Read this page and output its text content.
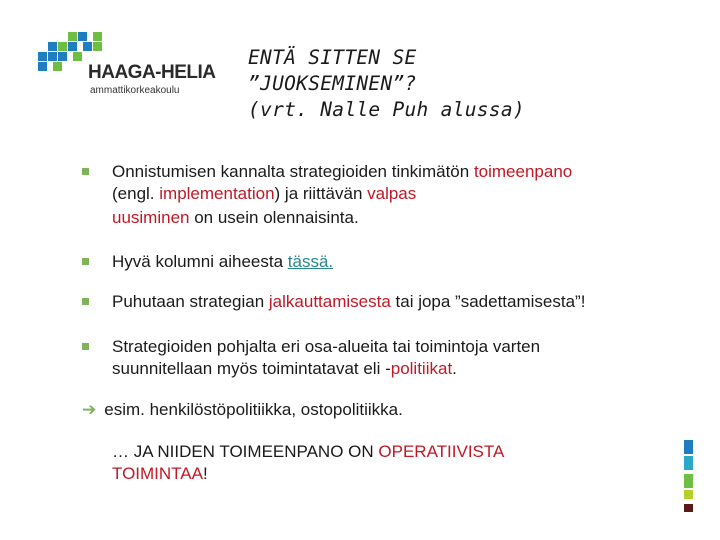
HAAGA-HELIA
ammattikorkeakoulu
ENTÄ SITTEN SE
”JUOKSEMINEN”?
(vrt. Nalle Puh alussa)
Onnistumisen kannalta strategioiden tinkimätön toimeenpano
(engl. implementation) ja riittävän valpas
uusiminen on usein olennaisinta.
Hyvä kolumni aiheesta tässä.
Puhutaan strategian jalkauttamisesta tai jopa ”sadettamisesta”!
Strategioiden pohjalta eri osa-alueita tai toimintoja varten
suunnitellaan myös toimintatavat eli -politiikat.
➔ esim. henkilöstöpolitiikka, ostopolitiikka.
… JA NIIDEN TOIMEENPANO ON OPERATIIVISTA
TOIMINTAA!
